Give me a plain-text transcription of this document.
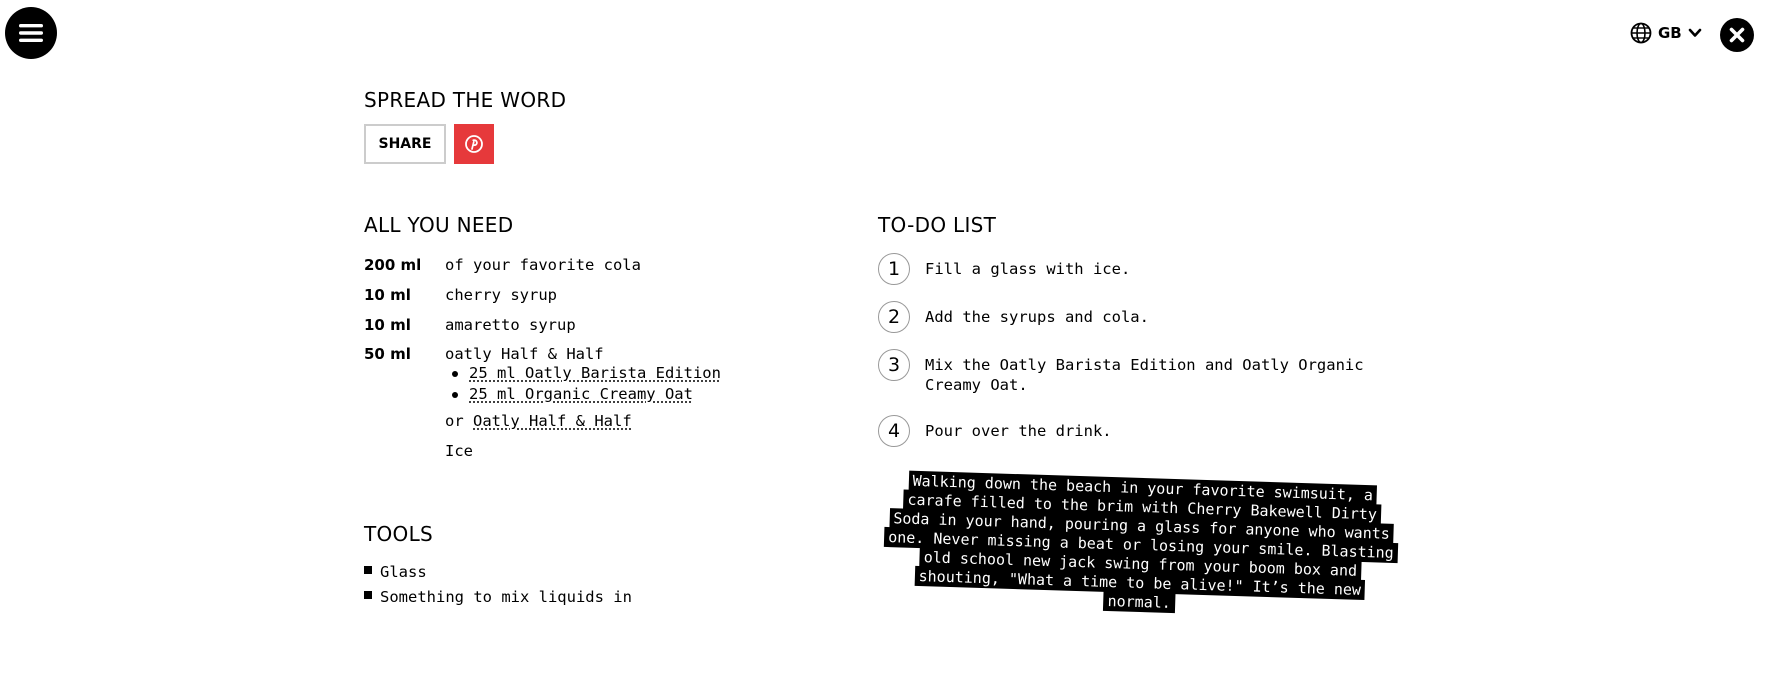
GB
SPREAD THE WORD
SHARE
ALL YOU NEED
200 ml	of your favorite cola
10 ml	cherry syrup
10 ml	amaretto syrup
50 ml	oatly Half & Half
25 ml Oatly Barista Edition
25 ml Organic Creamy Oat
or Oatly Half & Half
Ice
TOOLS
Glass
Something to mix liquids in
TO-DO LIST
1	Fill a glass with ice.
2	Add the syrups and cola.
3	Mix the Oatly Barista Edition and Oatly Organic Creamy Oat.
4	Pour over the drink.
Walking down the beach in your favorite swimsuit, a carafe filled to the brim with Cherry Bakewell Dirty Soda in your hand, pouring a glass for anyone who wants one. Never missing a beat or losing your smile. Blasting old school new jack swing from your boom box and shouting, "What a time to be alive!" It’s the new normal.
